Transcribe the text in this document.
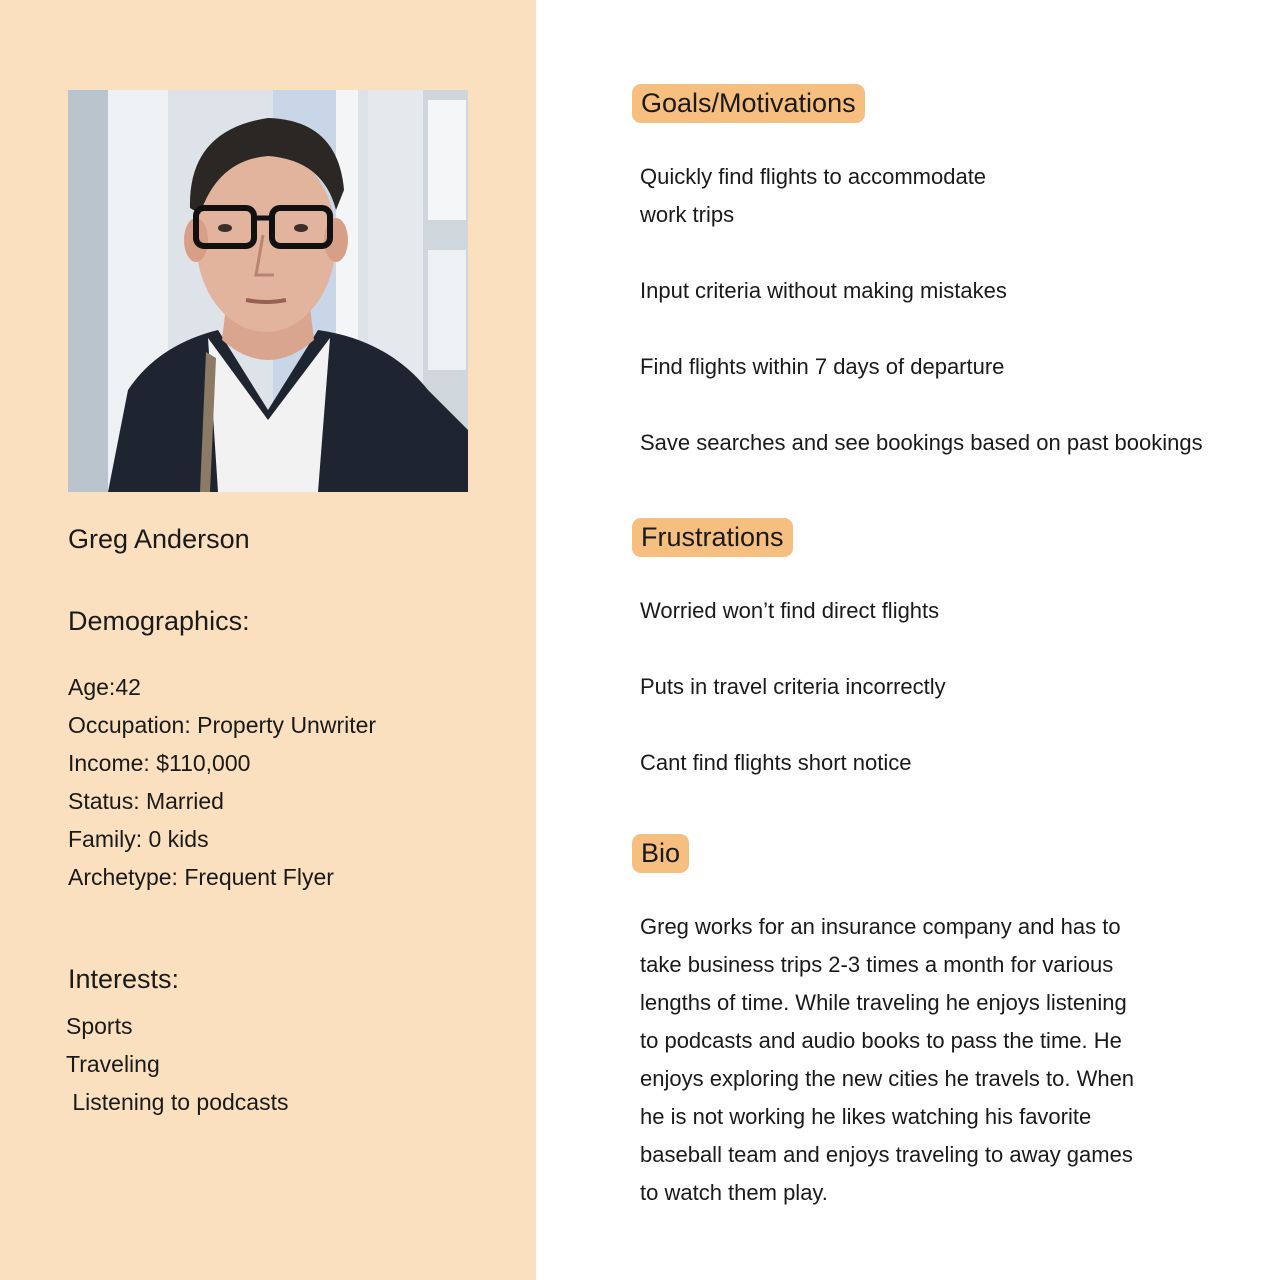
Greg Anderson
Demographics:
Age:42
Occupation: Property Unwriter
Income: $110,000
Status: Married
Family: 0 kids
Archetype: Frequent Flyer
Interests:
Sports
Traveling
Listening to podcasts
Goals/Motivations
Quickly find flights to accommodate
work trips
Input criteria without making mistakes
Find flights within 7 days of departure
Save searches and see bookings based on past bookings
Frustrations
Worried won’t find direct flights
Puts in travel criteria incorrectly
Cant find flights short notice
Bio
Greg works for an insurance company and has to
take business trips 2-3 times a month for various
lengths of time. While traveling he enjoys listening
to podcasts and audio books to pass the time. He
enjoys exploring the new cities he travels to. When
he is not working he likes watching his favorite
baseball team and enjoys traveling to away games
to watch them play.
